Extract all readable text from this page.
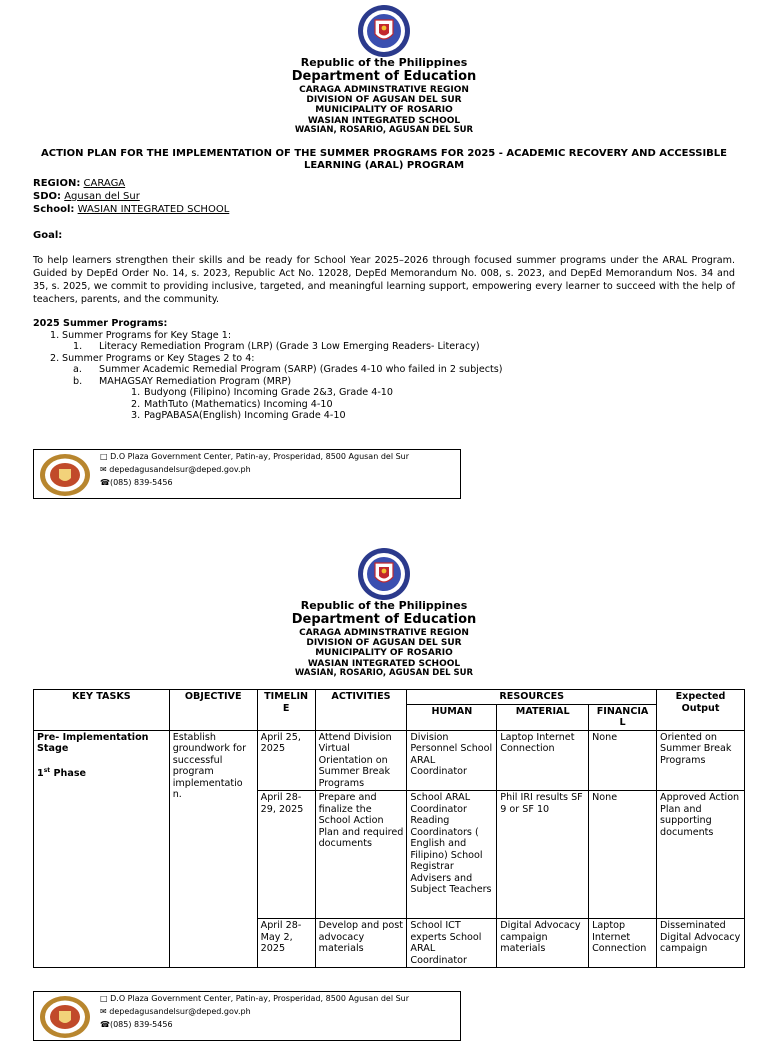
Republic of the Philippines
Department of Education
CARAGA ADMINSTRATIVE REGION
DIVISION OF AGUSAN DEL SUR
MUNICIPALITY OF ROSARIO
WASIAN INTEGRATED SCHOOL
WASIAN, ROSARIO, AGUSAN DEL SUR
ACTION PLAN FOR THE IMPLEMENTATION OF THE SUMMER PROGRAMS FOR 2025 - ACADEMIC RECOVERY AND ACCESSIBLE LEARNING (ARAL) PROGRAM
REGION: CARAGA
SDO: Agusan del Sur
School: WASIAN INTEGRATED SCHOOL
Goal:
To help learners strengthen their skills and be ready for School Year 2025–2026 through focused summer programs under the ARAL Program. Guided by DepEd Order No. 14, s. 2023, Republic Act No. 12028, DepEd Memorandum No. 008, s. 2023, and DepEd Memorandum Nos. 34 and 35, s. 2025, we commit to providing inclusive, targeted, and meaningful learning support, empowering every learner to succeed with the help of teachers, parents, and the community.
2025 Summer Programs:
1. Summer Programs for Key Stage 1:
1. Literacy Remediation Program (LRP) (Grade 3 Low Emerging Readers- Literacy)
2. Summer Programs or Key Stages 2 to 4:
a. Summer Academic Remedial Program (SARP) (Grades 4-10 who failed in 2 subjects)
b. MAHAGSAY Remediation Program (MRP)
1. Budyong (Filipino) Incoming Grade 2&3, Grade 4-10
2. MathTuto (Mathematics) Incoming 4-10
3. PagPABASA(English) Incoming Grade 4-10
□ D.O Plaza Government Center, Patin-ay, Prosperidad, 8500 Agusan del Sur
✉ depedagusandelsur@deped.gov.ph
☎(085) 839-5456
Republic of the Philippines
Department of Education
CARAGA ADMINSTRATIVE REGION
DIVISION OF AGUSAN DEL SUR
MUNICIPALITY OF ROSARIO
WASIAN INTEGRATED SCHOOL
WASIAN, ROSARIO, AGUSAN DEL SUR
KEY TASKS	OBJECTIVE	TIMELIN E	ACTIVITIES	RESOURCES			Expected Output
				HUMAN	MATERIAL	FINANCIA L	

Pre- Implementation Stage
1st Phase	Establish groundwork for successful program implementatio n.	April 25, 2025	Attend Division Virtual Orientation on Summer Break Programs	Division Personnel School ARAL Coordinator	Laptop Internet Connection	None	Oriented on Summer Break Programs
		April 28-29, 2025	Prepare and finalize the School Action Plan and required documents	School ARAL Coordinator Reading Coordinators ( English and Filipino) School Registrar Advisers and Subject Teachers	Phil IRI results SF 9 or SF 10	None	Approved Action Plan and supporting documents
		April 28- May 2, 2025	Develop and post advocacy materials	School ICT experts School ARAL Coordinator	Digital Advocacy campaign materials	Laptop Internet Connection	Disseminated Digital Advocacy campaign
□ D.O Plaza Government Center, Patin-ay, Prosperidad, 8500 Agusan del Sur
✉ depedagusandelsur@deped.gov.ph
☎(085) 839-5456
